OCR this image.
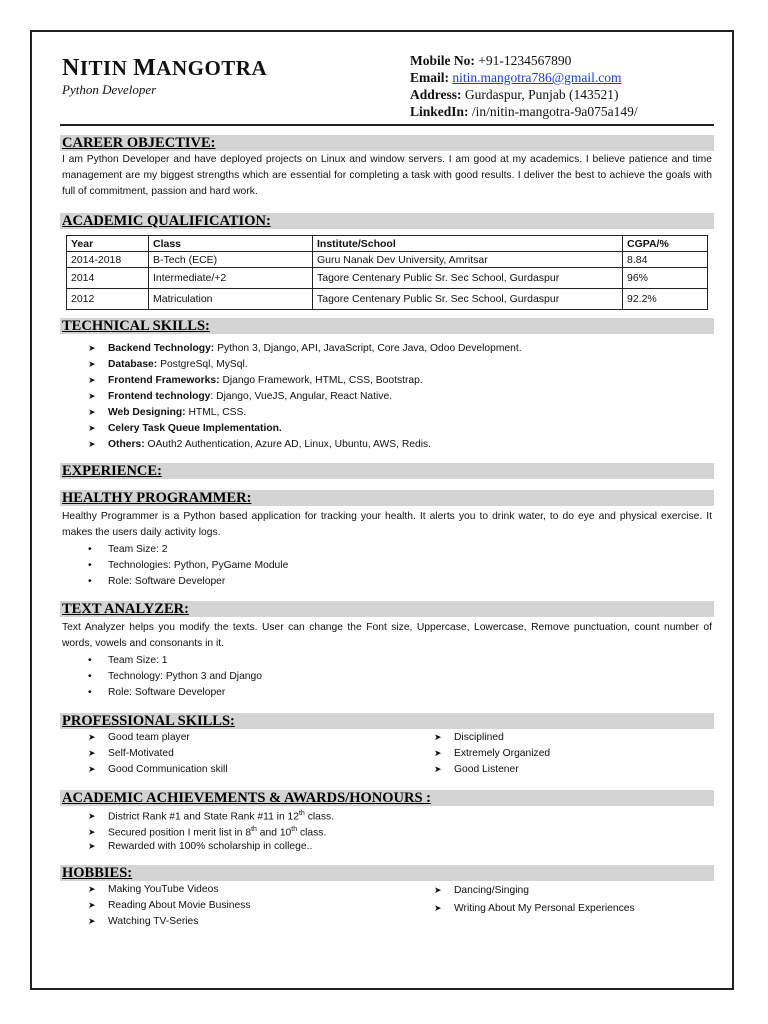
NITIN MANGOTRA
Python Developer
Mobile No: +91-1234567890
Email: nitin.mangotra786@gmail.com
Address: Gurdaspur, Punjab (143521)
LinkedIn: /in/nitin-mangotra-9a075a149/
CAREER OBJECTIVE:
I am Python Developer and have deployed projects on Linux and window servers. I am good at my academics. I believe patience and time management are my biggest strengths which are essential for completing a task with good results. I deliver the best to achieve the goals with full of commitment, passion and hard work.
ACADEMIC QUALIFICATION:
Year	Class	Institute/School	CGPA/%
2014-2018	B-Tech (ECE)	Guru Nanak Dev University, Amritsar	8.84
2014	Intermediate/+2	Tagore Centenary Public Sr. Sec School, Gurdaspur	96%
2012	Matriculation	Tagore Centenary Public Sr. Sec School, Gurdaspur	92.2%
TECHNICAL SKILLS:
➤ Backend Technology: Python 3, Django, API, JavaScript, Core Java, Odoo Development.
➤ Database: PostgreSql, MySql.
➤ Frontend Frameworks: Django Framework, HTML, CSS, Bootstrap.
➤ Frontend technology: Django, VueJS, Angular, React Native.
➤ Web Designing: HTML, CSS.
➤ Celery Task Queue Implementation.
➤ Others: OAuth2 Authentication, Azure AD, Linux, Ubuntu, AWS, Redis.
EXPERIENCE:
HEALTHY PROGRAMMER:
Healthy Programmer is a Python based application for tracking your health. It alerts you to drink water, to do eye and physical exercise. It makes the users daily activity logs.
• Team Size: 2
• Technologies: Python, PyGame Module
• Role: Software Developer
TEXT ANALYZER:
Text Analyzer helps you modify the texts. User can change the Font size, Uppercase, Lowercase, Remove punctuation, count number of words, vowels and consonants in it.
• Team Size: 1
• Technology: Python 3 and Django
• Role: Software Developer
PROFESSIONAL SKILLS:
➤ Good team player
➤ Self-Motivated
➤ Good Communication skill
➤ Disciplined
➤ Extremely Organized
➤ Good Listener
ACADEMIC ACHIEVEMENTS & AWARDS/HONOURS :
➤ District Rank #1 and State Rank #11 in 12th class.
➤ Secured position I merit list in 8th and 10th class.
➤ Rewarded with 100% scholarship in college..
HOBBIES:
➤ Making YouTube Videos
➤ Reading About Movie Business
➤ Watching TV-Series
➤ Dancing/Singing
➤ Writing About My Personal Experiences
